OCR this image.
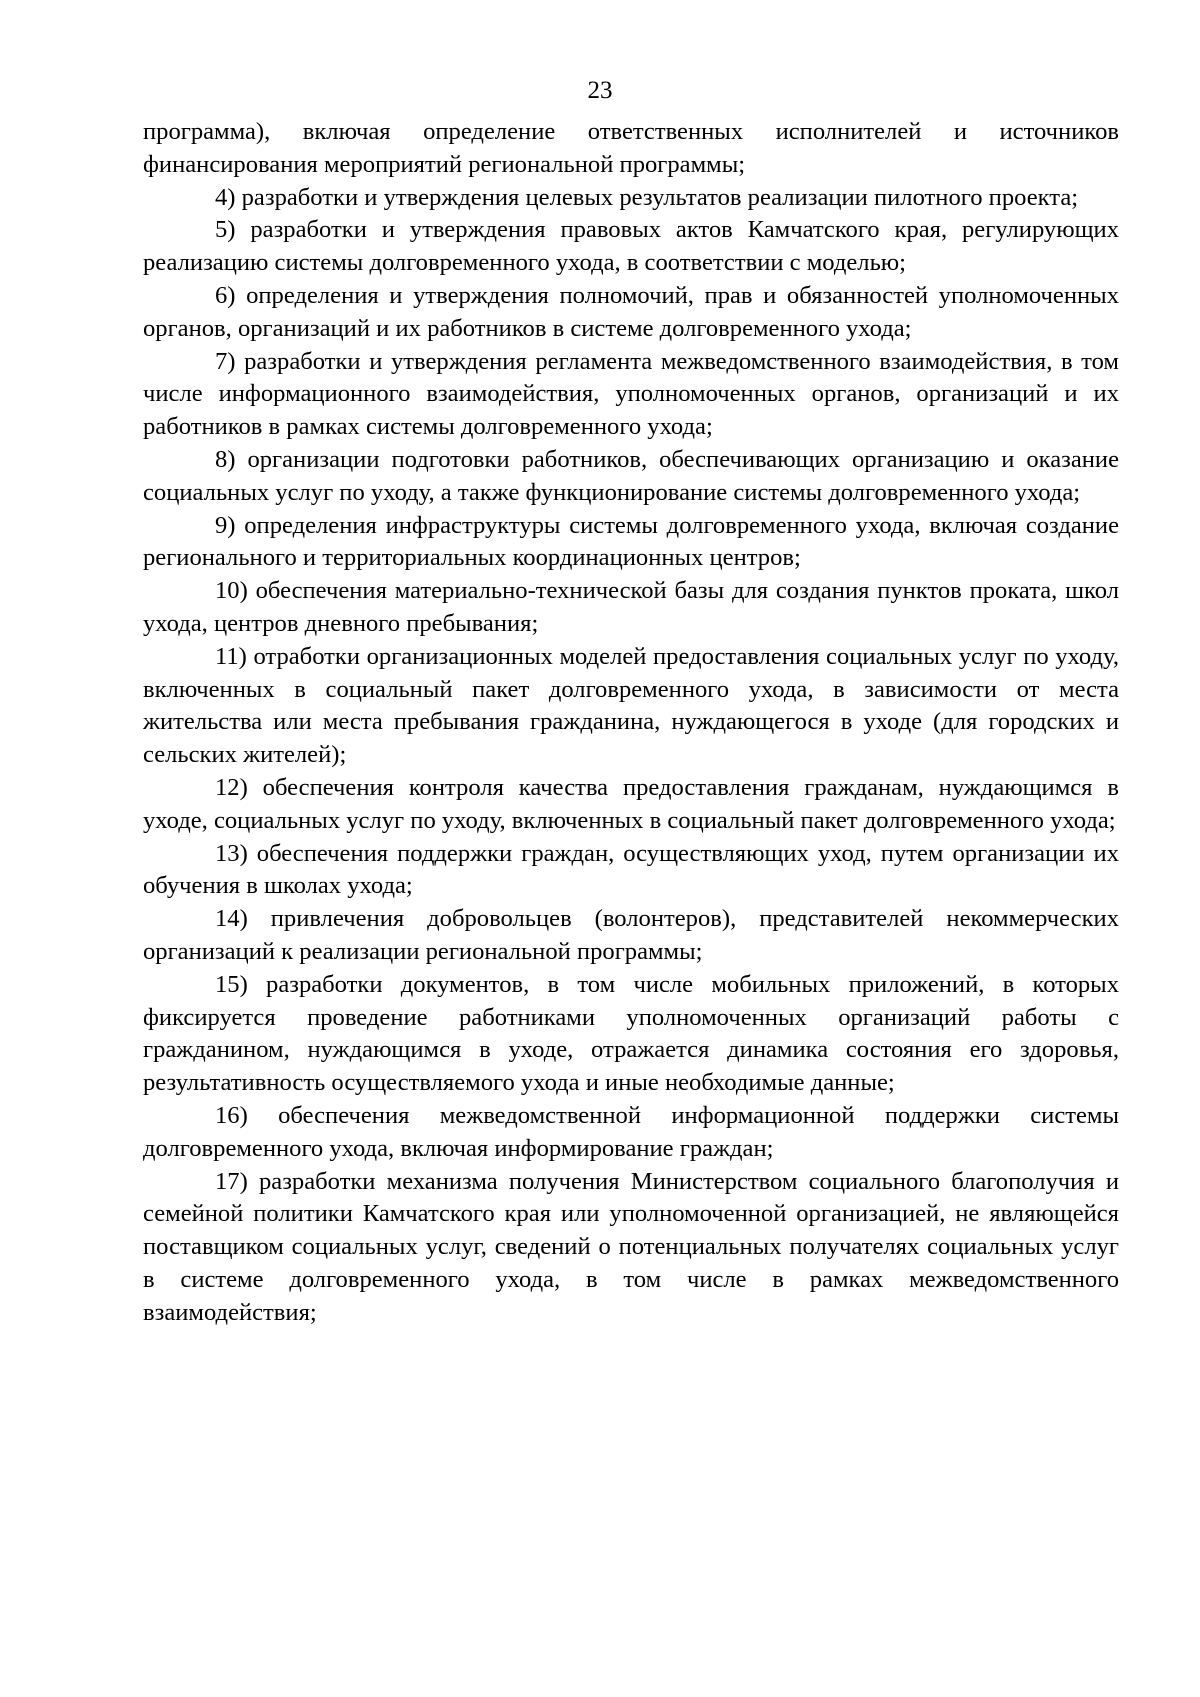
23

программа), включая определение ответственных исполнителей и источников финансирования мероприятий региональной программы;

4) разработки и утверждения целевых результатов реализации пилотного проекта;

5) разработки и утверждения правовых актов Камчатского края, регулирующих реализацию системы долговременного ухода, в соответствии с моделью;

6) определения и утверждения полномочий, прав и обязанностей уполномоченных органов, организаций и их работников в системе долговременного ухода;

7) разработки и утверждения регламента межведомственного взаимодействия, в том числе информационного взаимодействия, уполномоченных органов, организаций и их работников в рамках системы долговременного ухода;

8) организации подготовки работников, обеспечивающих организацию и оказание социальных услуг по уходу, а также функционирование системы долговременного ухода;

9) определения инфраструктуры системы долговременного ухода, включая создание регионального и территориальных координационных центров;

10) обеспечения материально-технической базы для создания пунктов проката, школ ухода, центров дневного пребывания;

11) отработки организационных моделей предоставления социальных услуг по уходу, включенных в социальный пакет долговременного ухода, в зависимости от места жительства или места пребывания гражданина, нуждающегося в уходе (для городских и сельских жителей);

12) обеспечения контроля качества предоставления гражданам, нуждающимся в уходе, социальных услуг по уходу, включенных в социальный пакет долговременного ухода;

13) обеспечения поддержки граждан, осуществляющих уход, путем организации их обучения в школах ухода;

14) привлечения добровольцев (волонтеров), представителей некоммерческих организаций к реализации региональной программы;

15) разработки документов, в том числе мобильных приложений, в которых фиксируется проведение работниками уполномоченных организаций работы с гражданином, нуждающимся в уходе, отражается динамика состояния его здоровья, результативность осуществляемого ухода и иные необходимые данные;

16) обеспечения межведомственной информационной поддержки системы долговременного ухода, включая информирование граждан;

17) разработки механизма получения Министерством социального благополучия и семейной политики Камчатского края или уполномоченной организацией, не являющейся поставщиком социальных услуг, сведений о потенциальных получателях социальных услуг в системе долговременного ухода, в том числе в рамках межведомственного взаимодействия;
